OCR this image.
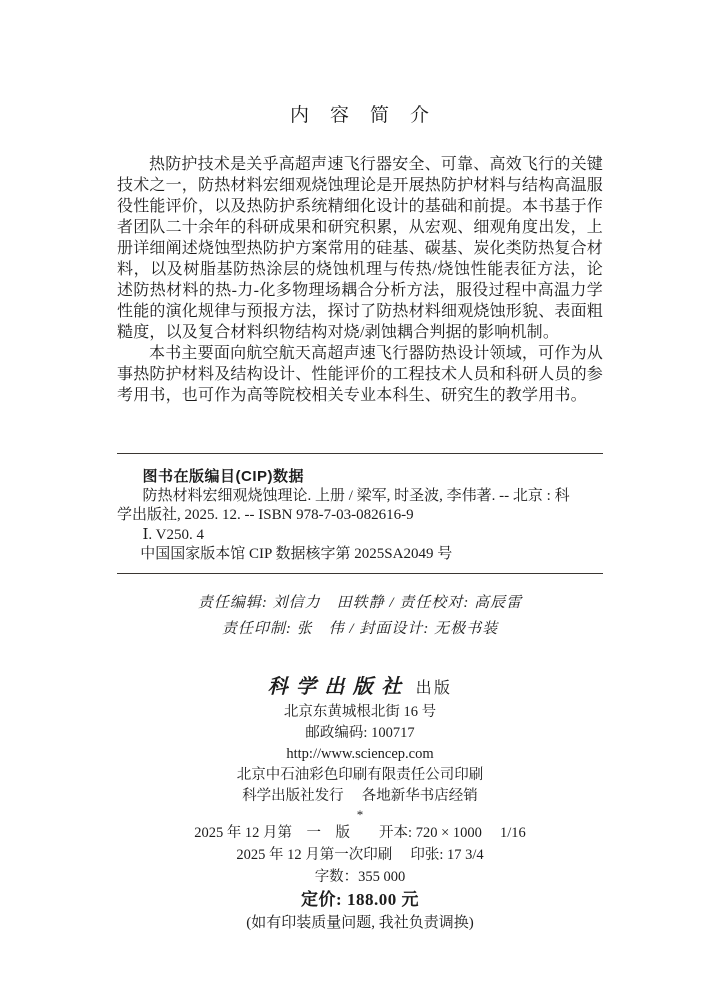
内　容　简　介

热防护技术是关乎高超声速飞行器安全、可靠、高效飞行的关键技术之一，防热材料宏细观烧蚀理论是开展热防护材料与结构高温服役性能评价，以及热防护系统精细化设计的基础和前提。本书基于作者团队二十余年的科研成果和研究积累，从宏观、细观角度出发，上册详细阐述烧蚀型热防护方案常用的硅基、碳基、炭化类防热复合材料，以及树脂基防热涂层的烧蚀机理与传热/烧蚀性能表征方法，论述防热材料的热-力-化多物理场耦合分析方法，服役过程中高温力学性能的演化规律与预报方法，探讨了防热材料细观烧蚀形貌、表面粗糙度，以及复合材料织物结构对烧/剥蚀耦合判据的影响机制。

本书主要面向航空航天高超声速飞行器防热设计领域，可作为从事热防护材料及结构设计、性能评价的工程技术人员和科研人员的参考用书，也可作为高等院校相关专业本科生、研究生的教学用书。

图书在版编目(CIP)数据

防热材料宏细观烧蚀理论. 上册 / 梁军, 时圣波, 李伟著. -- 北京 : 科

学出版社, 2025. 12. -- ISBN 978-7-03-082616-9

Ⅰ. V250. 4

中国国家版本馆 CIP 数据核字第 2025SA2049 号

责任编辑: 刘信力　田轶静 / 责任校对: 高辰雷
责任印制: 张　伟 / 封面设计: 无极书装
科学出版社 出版
北京东黄城根北街 16 号
邮政编码: 100717
http://www.sciencep.com
北京中石油彩色印刷有限责任公司印刷
科学出版社发行　 各地新华书店经销
*
2025 年 12 月第　一　版　　开本: 720 × 1000　 1/16
2025 年 12 月第一次印刷　 印张: 17 3/4
字数：355 000
定价: 188.00 元
(如有印装质量问题, 我社负责调换)
